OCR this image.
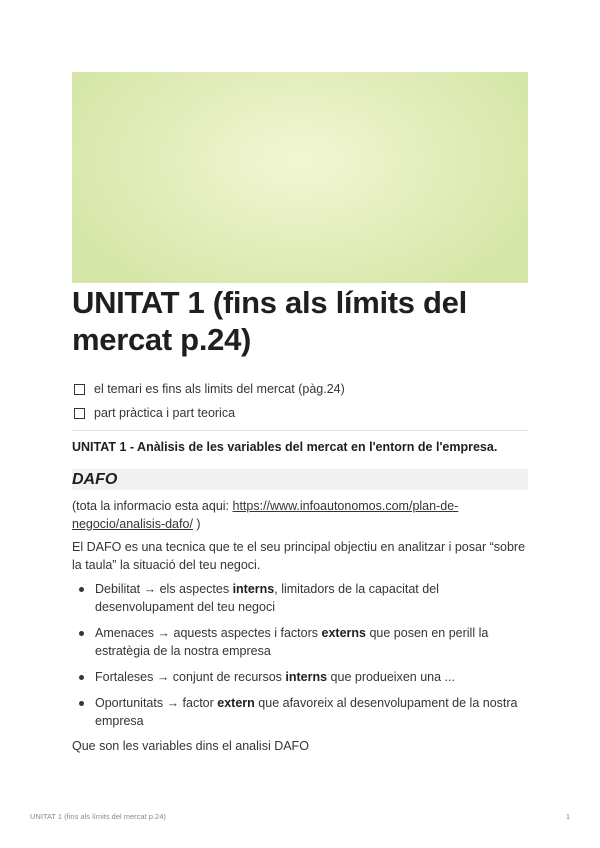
UNITAT 1 (fins als límits del mercat p.24)
el temari es fins als limits del mercat (pàg.24)
part pràctica i part teorica
UNITAT 1 - Anàlisis de les variables del mercat en l'entorn de l'empresa.
DAFO

(tota la informacio esta aqui: https://www.infoautonomos.com/plan-de-negocio/analisis-dafo/ )

El DAFO es una tecnica que te el seu principal objectiu en analitzar i posar “sobre la taula” la situació del teu negoci.

Debilitat → els aspectes interns, limitadors de la capacitat del desenvolupament del teu negoci
Amenaces → aquests aspectes i factors externs que posen en perill la estratègia de la nostra empresa
Fortaleses → conjunt de recursos interns que produeixen una ...
Oportunitats → factor extern que afavoreix al desenvolupament de la nostra empresa

Que son les variables dins el analisi DAFO

UNITAT 1 (fins als límits del mercat p.24)	1
